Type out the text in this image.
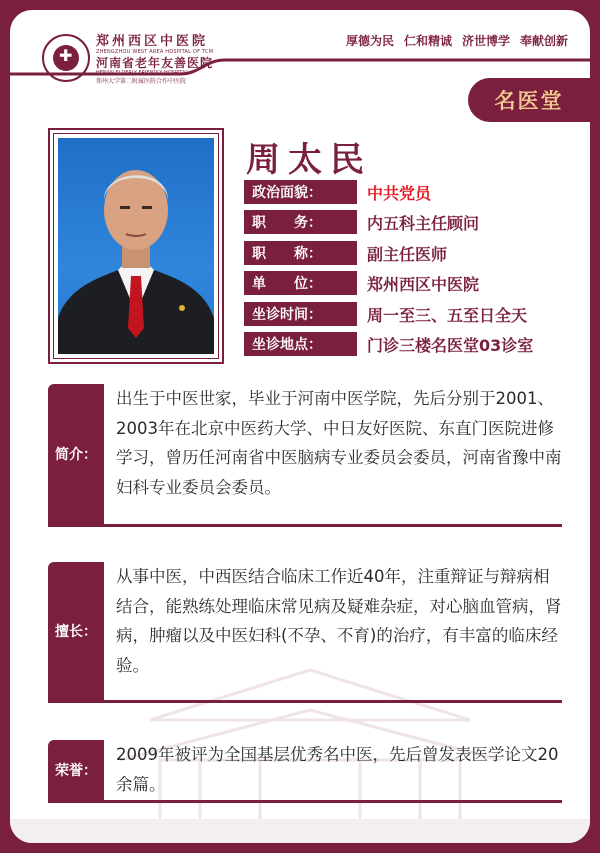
✚
郑州西区中医院
ZHENGZHOU WEST AREA HOSPITAL OF TCM
河南省老年友善医院
HENAN ELDERLY FRIENDLY HOSPITAL
郑州大学第二附属医院合作中医院
厚德为民 仁和精诚 济世博学 奉献创新
名医堂
周太民
政治面貌：	中共党员
职　　务：	内五科主任顾问
职　　称：	副主任医师
单　　位：	郑州西区中医院
坐诊时间：	周一至三、五至日全天
坐诊地点：	门诊三楼名医堂03诊室
简介：
出生于中医世家，毕业于河南中医学院，先后分别于2001、2003年在北京中医药大学、中日友好医院、东直门医院进修学习，曾历任河南省中医脑病专业委员会委员，河南省豫中南妇科专业委员会委员。
擅长：
从事中医，中西医结合临床工作近40年，注重辩证与辩病相结合，能熟练处理临床常见病及疑难杂症，对心脑血管病，肾病，肿瘤以及中医妇科(不孕、不育)的治疗，有丰富的临床经验。
荣誉：
2009年被评为全国基层优秀名中医，先后曾发表医学论文20余篇。
